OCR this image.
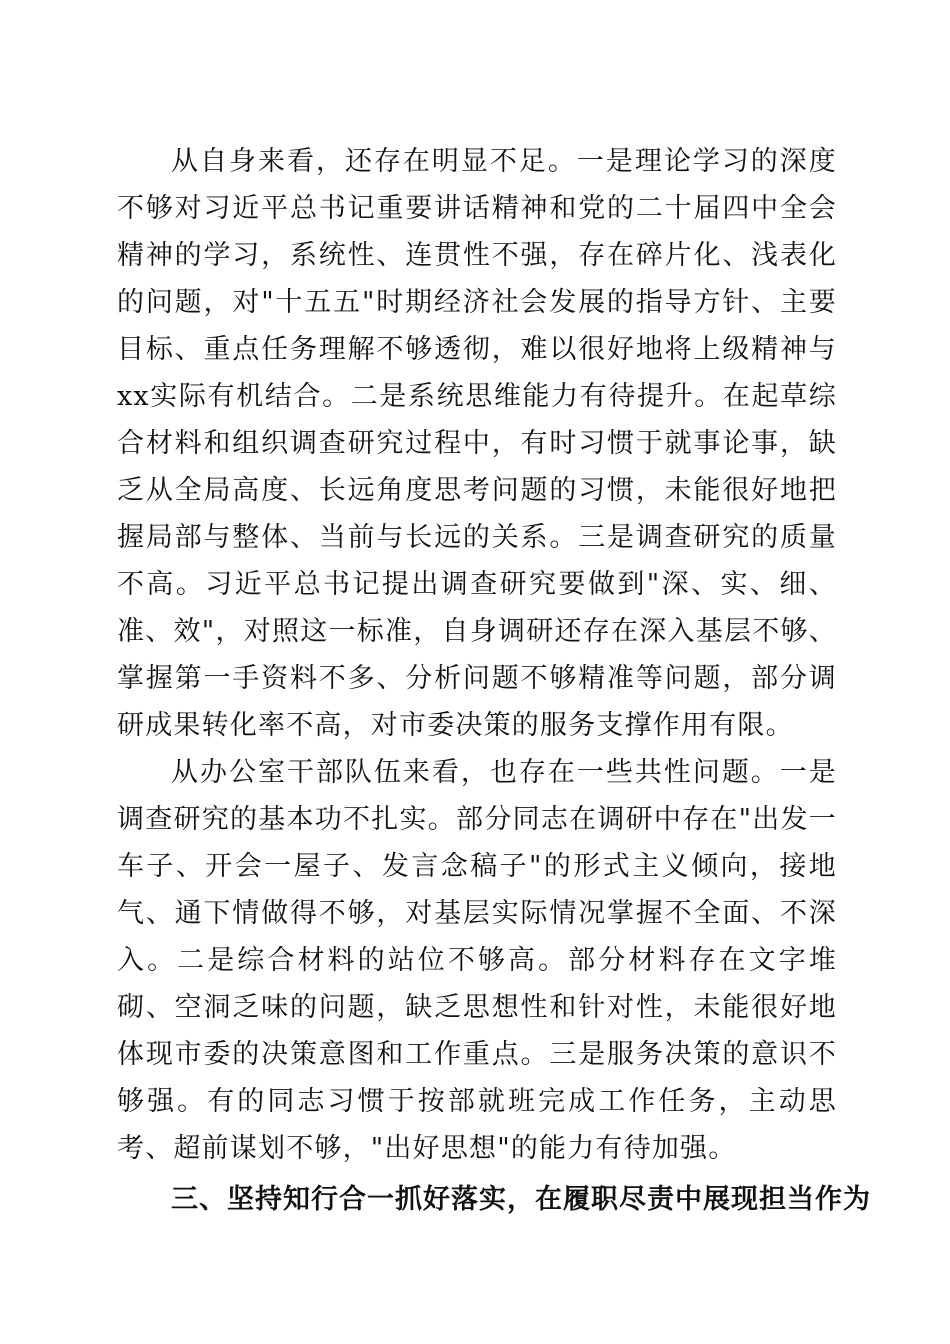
从自身来看，还存在明显不足。一是理论学习的深度不够对习近平总书记重要讲话精神和党的二十届四中全会精神的学习，系统性、连贯性不强，存在碎片化、浅表化的问题，对"十五五"时期经济社会发展的指导方针、主要目标、重点任务理解不够透彻，难以很好地将上级精神与xx实际有机结合。二是系统思维能力有待提升。在起草综合材料和组织调查研究过程中，有时习惯于就事论事，缺乏从全局高度、长远角度思考问题的习惯，未能很好地把握局部与整体、当前与长远的关系。三是调查研究的质量不高。习近平总书记提出调查研究要做到"深、实、细、准、效"，对照这一标准，自身调研还存在深入基层不够、掌握第一手资料不多、分析问题不够精准等问题，部分调研成果转化率不高，对市委决策的服务支撑作用有限。

从办公室干部队伍来看，也存在一些共性问题。一是调查研究的基本功不扎实。部分同志在调研中存在"出发一车子、开会一屋子、发言念稿子"的形式主义倾向，接地气、通下情做得不够，对基层实际情况掌握不全面、不深入。二是综合材料的站位不够高。部分材料存在文字堆砌、空洞乏味的问题，缺乏思想性和针对性，未能很好地体现市委的决策意图和工作重点。三是服务决策的意识不够强。有的同志习惯于按部就班完成工作任务，主动思考、超前谋划不够，"出好思想"的能力有待加强。

三、坚持知行合一抓好落实，在履职尽责中展现担当作为
